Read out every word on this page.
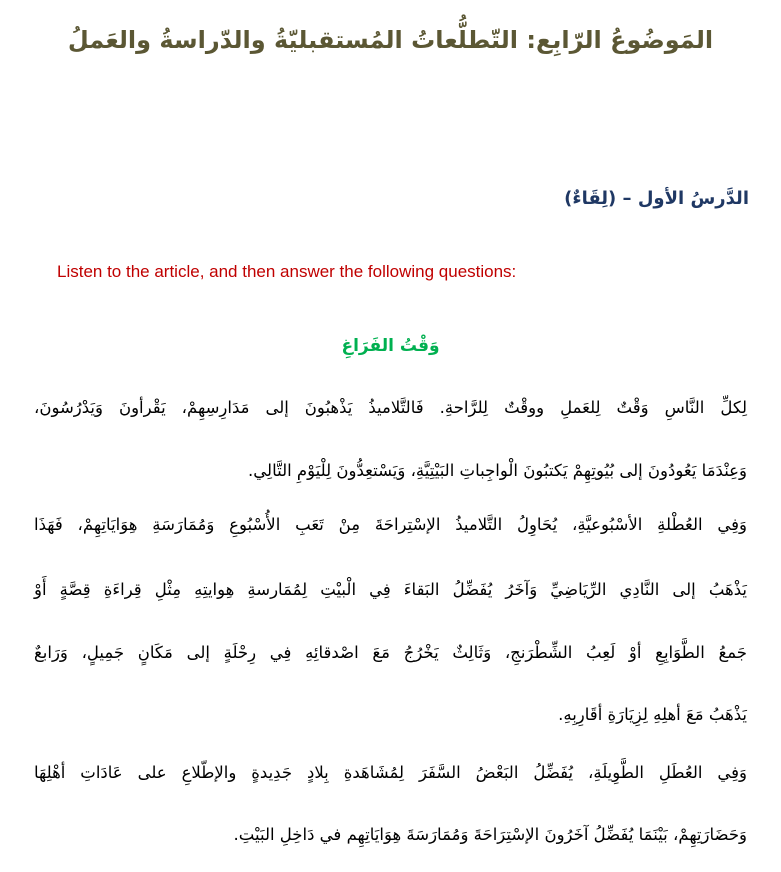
المَوضُوعُ الرّابِع: التّطلُّعاتُ المُستقبليّةُ والدّراسةُ والعَملُ
الدَّرسُ الأول – (لِقَاءٌ)
Listen to the article, and then answer the following questions:
وَقْتُ الفَرَاغِ
لِكلِّ النَّاسِ وَقْتٌ لِلعَملِ ووقْتٌ لِلرَّاحةِ. فَالتَّلاميذُ يَذْهبُونَ إلى مَدَارِسِهِمْ، يَقْرأونَ وَيَدْرُسُونَ،
وَعِنْدَمَا يَعُودُونَ إلى بُيُوتِهِمْ يَكتبُونَ الْواجِباتِ البَيْتِيَّةِ، وَيَسْتعِدُّونَ لِلْيَوْمِ التَّالِي.
وَفِي العُطْلةِ الأسْبُوعيَّةِ، يُحَاوِلُ التَّلاميذُ الإسْتِراحَةَ مِنْ تَعَبِ الأُسْبُوعِ وَمُمَارَسَةِ هِوَايَاتِهِمْ، فَهَذَا
يَذْهَبُ إلى النَّادِي الرِّيَاضِيِّ وَآخَرُ يُفَضِّلُ البَقاءَ فِي الْبيْتِ لِمُمَارسةِ هِوايتِهِ مِثْلِ قِراءَةِ قِصَّةٍ أَوْ
جَمعُ الطَّوَابِعِ أوْ لَعِبُ الشِّطْرَنجِ، وَثَالِثٌ يَخْرُجُ مَعَ اصْدقائِهِ فِي رِحْلَةٍ إلى مَكَانٍ جَمِيلٍ، وَرَابعٌ
يَذْهَبُ مَعَ أهلِهِ لِزِيَارَةِ أقَارِبِهِ.
وَفِي العُطَلِ الطَّوِيلَةِ، يُفَضِّلُ البَعْضُ السَّفَرَ لِمُشَاهَدةِ بِلادٍ جَدِيدةٍ والإطّلاعِ على عَادَاتِ أهْلِهَا
وَحَضَارَتِهِمْ، بَيْنَمَا يُفَضِّلُ آخَرُونَ الإسْتِرَاحَةَ وَمُمَارَسَةَ هِوَايَاتِهِم في دَاخِلِ البَيْتِ.
